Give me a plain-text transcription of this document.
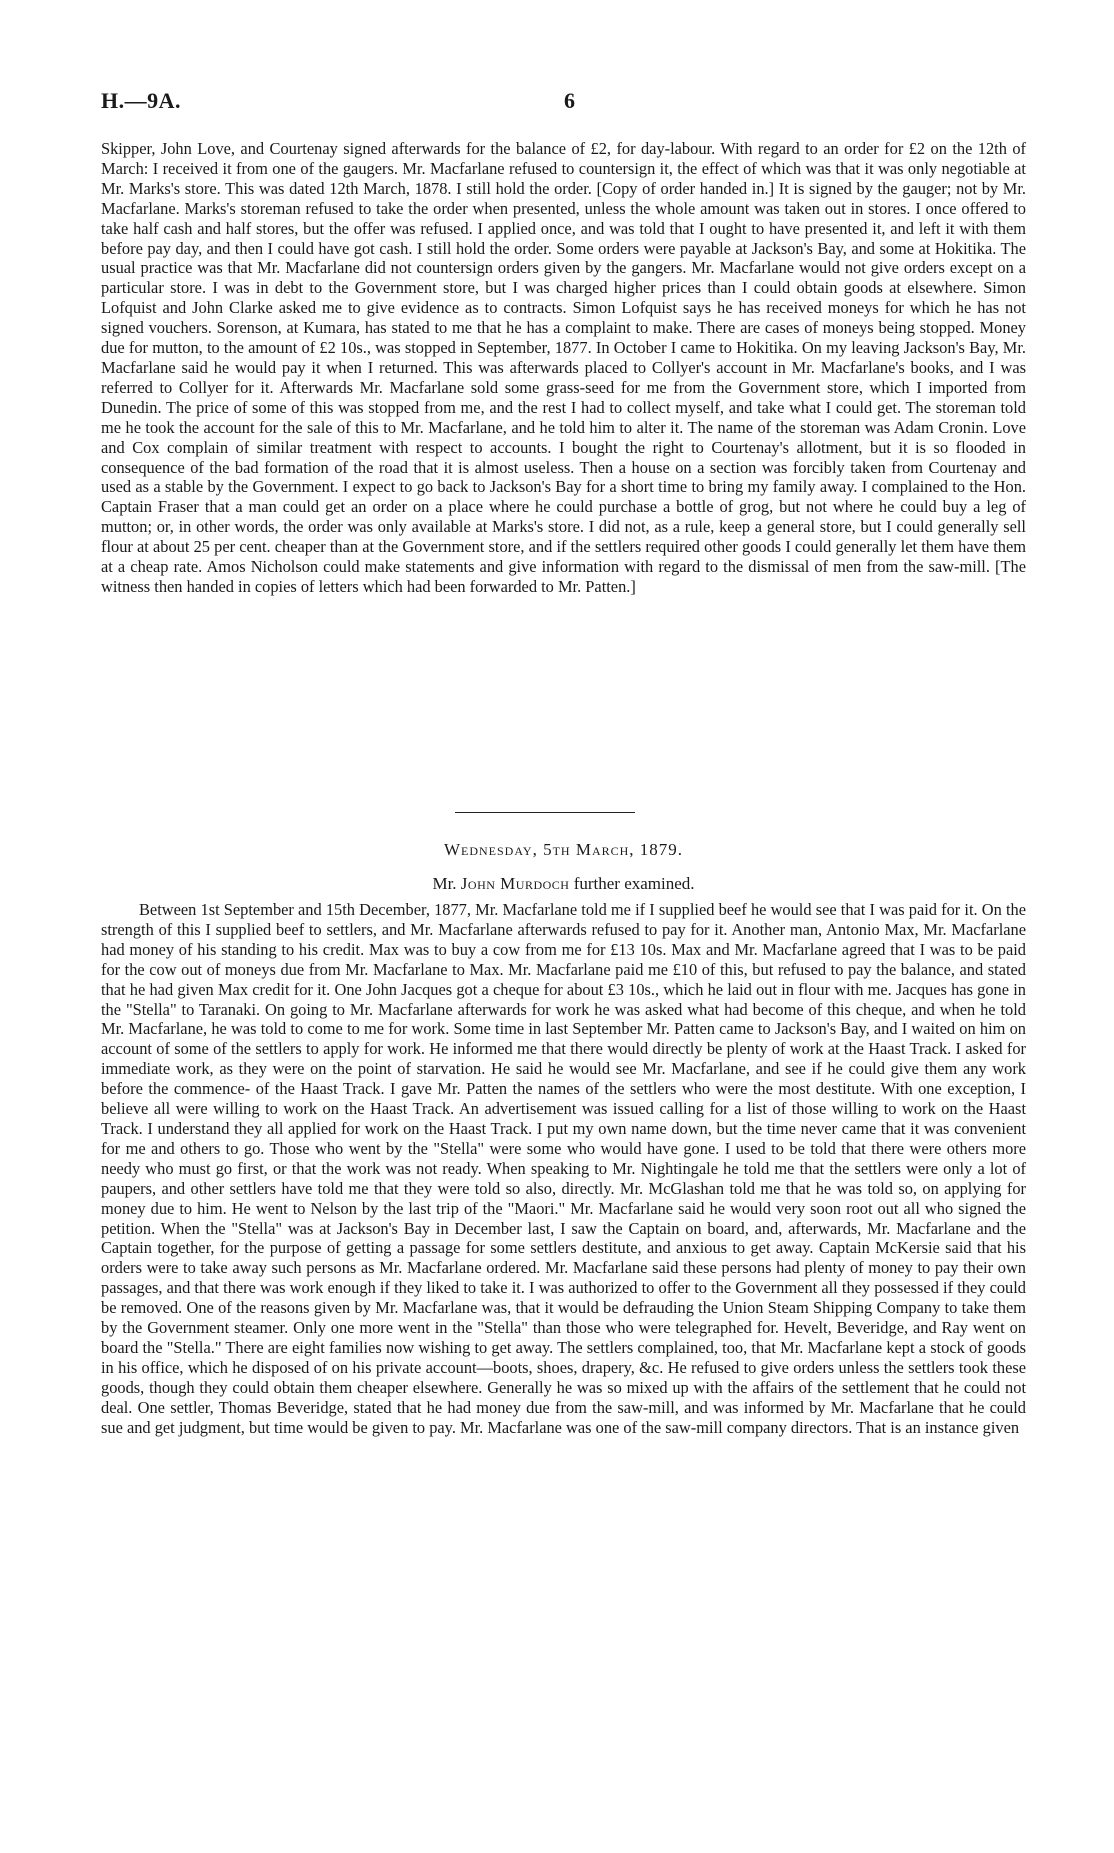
H.—9A.	6

Skipper, John Love, and Courtenay signed afterwards for the balance of £2, for day-labour. With regard to an order for £2 on the 12th of March: I received it from one of the gaugers. Mr. Macfarlane refused to countersign it, the effect of which was that it was only negotiable at Mr. Marks's store. This was dated 12th March, 1878. I still hold the order. [Copy of order handed in.] It is signed by the gauger; not by Mr. Macfarlane. Marks's storeman refused to take the order when presented, unless the whole amount was taken out in stores. I once offered to take half cash and half stores, but the offer was refused. I applied once, and was told that I ought to have presented it, and left it with them before pay day, and then I could have got cash. I still hold the order. Some orders were payable at Jackson's Bay, and some at Hokitika. The usual practice was that Mr. Macfarlane did not countersign orders given by the gangers. Mr. Macfarlane would not give orders except on a particular store. I was in debt to the Government store, but I was charged higher prices than I could obtain goods at elsewhere. Simon Lofquist and John Clarke asked me to give evidence as to contracts. Simon Lofquist says he has received moneys for which he has not signed vouchers. Sorenson, at Kumara, has stated to me that he has a complaint to make. There are cases of moneys being stopped. Money due for mutton, to the amount of £2 10s., was stopped in September, 1877. In October I came to Hokitika. On my leaving Jackson's Bay, Mr. Macfarlane said he would pay it when I returned. This was afterwards placed to Collyer's account in Mr. Macfarlane's books, and I was referred to Collyer for it. Afterwards Mr. Macfarlane sold some grass-seed for me from the Government store, which I imported from Dunedin. The price of some of this was stopped from me, and the rest I had to collect myself, and take what I could get. The storeman told me he took the account for the sale of this to Mr. Macfarlane, and he told him to alter it. The name of the storeman was Adam Cronin. Love and Cox complain of similar treatment with respect to accounts. I bought the right to Courtenay's allotment, but it is so flooded in consequence of the bad formation of the road that it is almost useless. Then a house on a section was forcibly taken from Courtenay and used as a stable by the Government. I expect to go back to Jackson's Bay for a short time to bring my family away. I complained to the Hon. Captain Fraser that a man could get an order on a place where he could purchase a bottle of grog, but not where he could buy a leg of mutton; or, in other words, the order was only available at Marks's store. I did not, as a rule, keep a general store, but I could generally sell flour at about 25 per cent. cheaper than at the Government store, and if the settlers required other goods I could generally let them have them at a cheap rate. Amos Nicholson could make statements and give information with regard to the dismissal of men from the saw-mill. [The witness then handed in copies of letters which had been forwarded to Mr. Patten.]

Wednesday, 5th March, 1879.
Mr. John Murdoch further examined.

Between 1st September and 15th December, 1877, Mr. Macfarlane told me if I supplied beef he would see that I was paid for it. On the strength of this I supplied beef to settlers, and Mr. Macfarlane afterwards refused to pay for it. Another man, Antonio Max, Mr. Macfarlane had money of his standing to his credit. Max was to buy a cow from me for £13 10s. Max and Mr. Macfarlane agreed that I was to be paid for the cow out of moneys due from Mr. Macfarlane to Max. Mr. Macfarlane paid me £10 of this, but refused to pay the balance, and stated that he had given Max credit for it. One John Jacques got a cheque for about £3 10s., which he laid out in flour with me. Jacques has gone in the "Stella" to Taranaki. On going to Mr. Macfarlane afterwards for work he was asked what had become of this cheque, and when he told Mr. Macfarlane, he was told to come to me for work. Some time in last September Mr. Patten came to Jackson's Bay, and I waited on him on account of some of the settlers to apply for work. He informed me that there would directly be plenty of work at the Haast Track. I asked for immediate work, as they were on the point of starvation. He said he would see Mr. Macfarlane, and see if he could give them any work before the commence- of the Haast Track. I gave Mr. Patten the names of the settlers who were the most destitute. With one exception, I believe all were willing to work on the Haast Track. An advertisement was issued calling for a list of those willing to work on the Haast Track. I understand they all applied for work on the Haast Track. I put my own name down, but the time never came that it was convenient for me and others to go. Those who went by the "Stella" were some who would have gone. I used to be told that there were others more needy who must go first, or that the work was not ready. When speaking to Mr. Nightingale he told me that the settlers were only a lot of paupers, and other settlers have told me that they were told so also, directly. Mr. McGlashan told me that he was told so, on applying for money due to him. He went to Nelson by the last trip of the "Maori." Mr. Macfarlane said he would very soon root out all who signed the petition. When the "Stella" was at Jackson's Bay in December last, I saw the Captain on board, and, afterwards, Mr. Macfarlane and the Captain together, for the purpose of getting a passage for some settlers destitute, and anxious to get away. Captain McKersie said that his orders were to take away such persons as Mr. Macfarlane ordered. Mr. Macfarlane said these persons had plenty of money to pay their own passages, and that there was work enough if they liked to take it. I was authorized to offer to the Government all they possessed if they could be removed. One of the reasons given by Mr. Macfarlane was, that it would be defrauding the Union Steam Shipping Company to take them by the Government steamer. Only one more went in the "Stella" than those who were telegraphed for. Hevelt, Beveridge, and Ray went on board the "Stella." There are eight families now wishing to get away. The settlers complained, too, that Mr. Macfarlane kept a stock of goods in his office, which he disposed of on his private account—boots, shoes, drapery, &c. He refused to give orders unless the settlers took these goods, though they could obtain them cheaper elsewhere. Generally he was so mixed up with the affairs of the settlement that he could not deal. One settler, Thomas Beveridge, stated that he had money due from the saw-mill, and was informed by Mr. Macfarlane that he could sue and get judgment, but time would be given to pay. Mr. Macfarlane was one of the saw-mill company directors. That is an instance given
